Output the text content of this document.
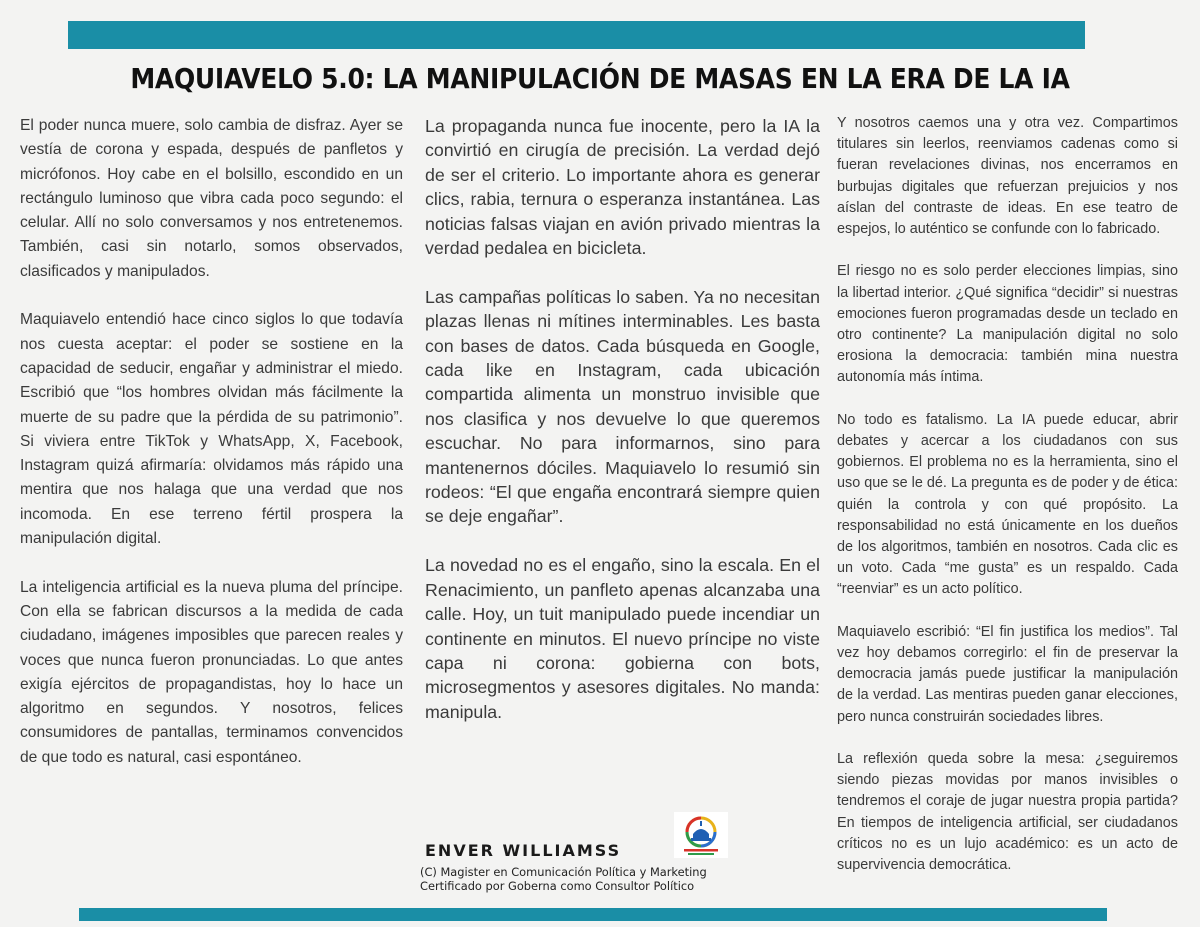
MAQUIAVELO 5.0: LA MANIPULACIÓN DE MASAS EN LA ERA DE LA IA

El poder nunca muere, solo cambia de disfraz. Ayer se vestía de corona y espada, después de panfletos y micrófonos. Hoy cabe en el bolsillo, escondido en un rectángulo luminoso que vibra cada poco segundo: el celular. Allí no solo conversamos y nos entretenemos. También, casi sin notarlo, somos observados, clasificados y manipulados.

Maquiavelo entendió hace cinco siglos lo que todavía nos cuesta aceptar: el poder se sostiene en la capacidad de seducir, engañar y administrar el miedo. Escribió que “los hombres olvidan más fácilmente la muerte de su padre que la pérdida de su patrimonio”. Si viviera entre TikTok y WhatsApp, X, Facebook, Instagram quizá afirmaría: olvidamos más rápido una mentira que nos halaga que una verdad que nos incomoda. En ese terreno fértil prospera la manipulación digital.

La inteligencia artificial es la nueva pluma del príncipe. Con ella se fabrican discursos a la medida de cada ciudadano, imágenes imposibles que parecen reales y voces que nunca fueron pronunciadas. Lo que antes exigía ejércitos de propagandistas, hoy lo hace un algoritmo en segundos. Y nosotros, felices consumidores de pantallas, terminamos convencidos de que todo es natural, casi espontáneo.

La propaganda nunca fue inocente, pero la IA la convirtió en cirugía de precisión. La verdad dejó de ser el criterio. Lo importante ahora es generar clics, rabia, ternura o esperanza instantánea. Las noticias falsas viajan en avión privado mientras la verdad pedalea en bicicleta.

Las campañas políticas lo saben. Ya no necesitan plazas llenas ni mítines interminables. Les basta con bases de datos. Cada búsqueda en Google, cada like en Instagram, cada ubicación compartida alimenta un monstruo invisible que nos clasifica y nos devuelve lo que queremos escuchar. No para informarnos, sino para mantenernos dóciles. Maquiavelo lo resumió sin rodeos: “El que engaña encontrará siempre quien se deje engañar”.

La novedad no es el engaño, sino la escala. En el Renacimiento, un panfleto apenas alcanzaba una calle. Hoy, un tuit manipulado puede incendiar un continente en minutos. El nuevo príncipe no viste capa ni corona: gobierna con bots, microsegmentos y asesores digitales. No manda: manipula.

Y nosotros caemos una y otra vez. Compartimos titulares sin leerlos, reenviamos cadenas como si fueran revelaciones divinas, nos encerramos en burbujas digitales que refuerzan prejuicios y nos aíslan del contraste de ideas. En ese teatro de espejos, lo auténtico se confunde con lo fabricado.

El riesgo no es solo perder elecciones limpias, sino la libertad interior. ¿Qué significa “decidir” si nuestras emociones fueron programadas desde un teclado en otro continente? La manipulación digital no solo erosiona la democracia: también mina nuestra autonomía más íntima.

No todo es fatalismo. La IA puede educar, abrir debates y acercar a los ciudadanos con sus gobiernos. El problema no es la herramienta, sino el uso que se le dé. La pregunta es de poder y de ética: quién la controla y con qué propósito. La responsabilidad no está únicamente en los dueños de los algoritmos, también en nosotros. Cada clic es un voto. Cada “me gusta” es un respaldo. Cada “reenviar” es un acto político.

Maquiavelo escribió: “El fin justifica los medios”. Tal vez hoy debamos corregirlo: el fin de preservar la democracia jamás puede justificar la manipulación de la verdad. Las mentiras pueden ganar elecciones, pero nunca construirán sociedades libres.

La reflexión queda sobre la mesa: ¿seguiremos siendo piezas movidas por manos invisibles o tendremos el coraje de jugar nuestra propia partida? En tiempos de inteligencia artificial, ser ciudadanos críticos no es un lujo académico: es un acto de supervivencia democrática.

ENVER WILLIAMSS
(C) Magister en Comunicación Política y Marketing
Certificado por Goberna como Consultor Político
